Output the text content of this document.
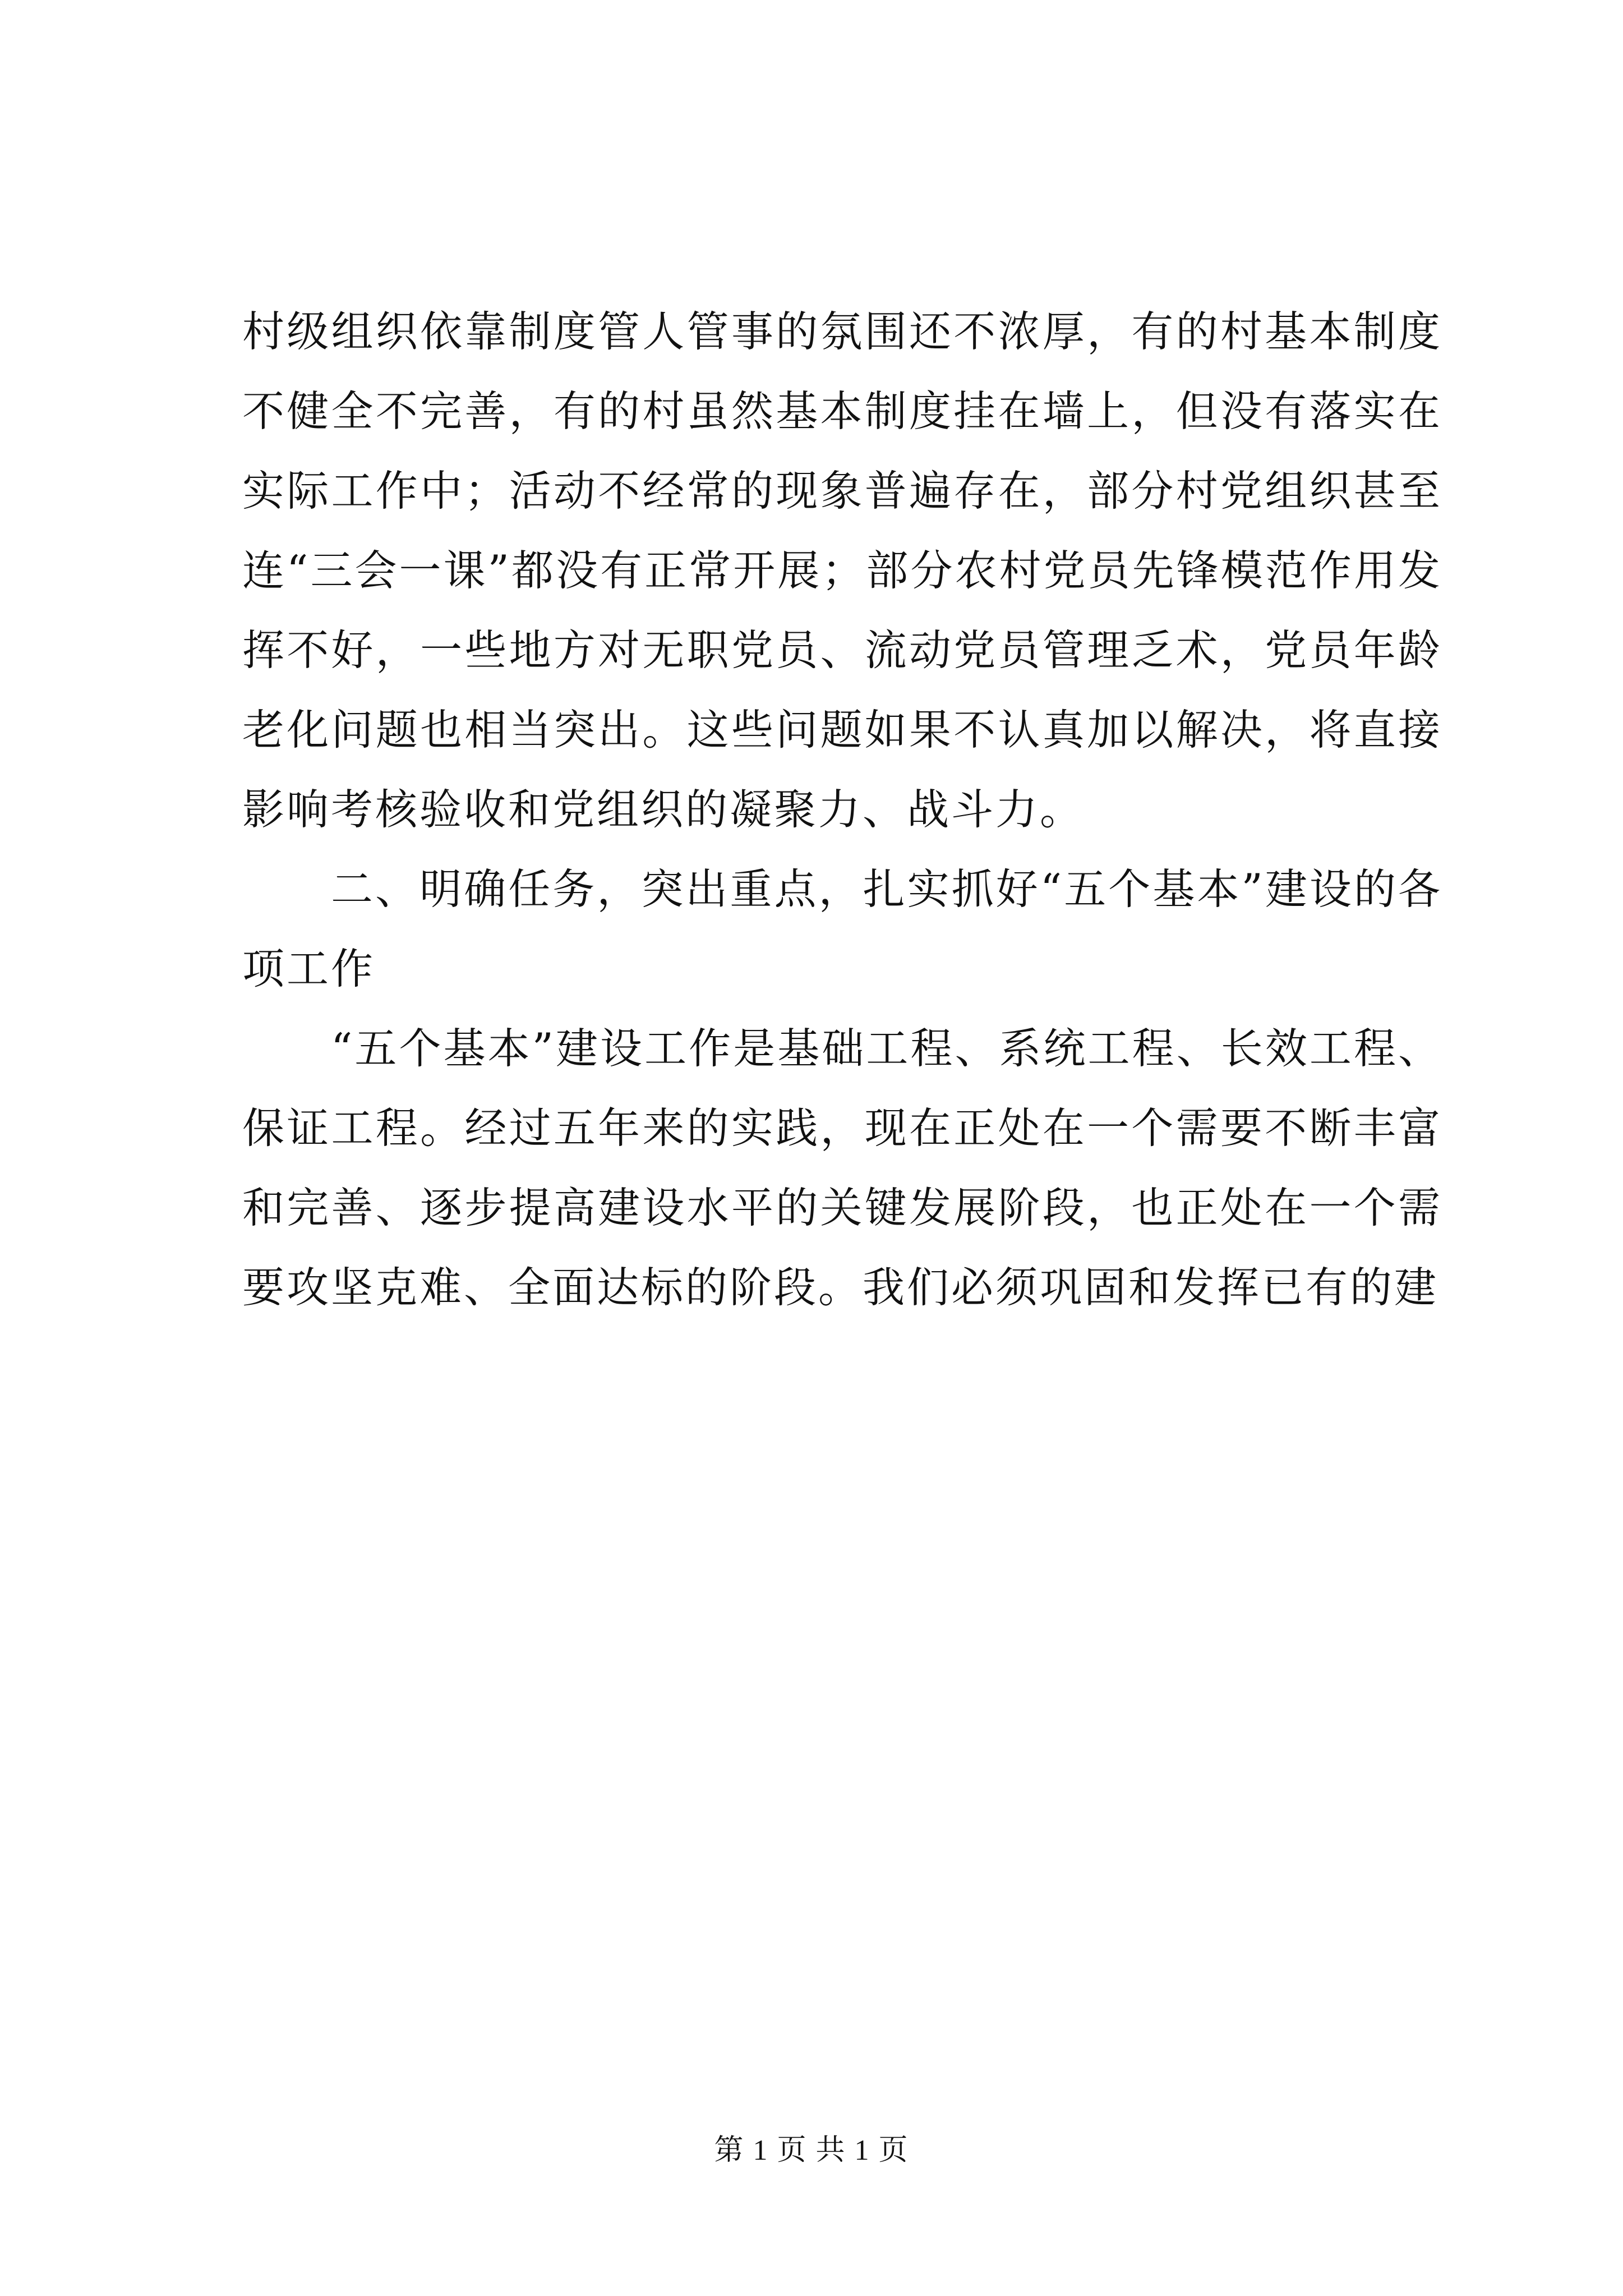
村级组织依靠制度管人管事的氛围还不浓厚，有的村基本制度不健全不完善，有的村虽然基本制度挂在墙上，但没有落实在实际工作中；活动不经常的现象普遍存在，部分村党组织甚至连“三会一课”都没有正常开展；部分农村党员先锋模范作用发挥不好，一些地方对无职党员、流动党员管理乏术，党员年龄老化问题也相当突出。这些问题如果不认真加以解决，将直接影响考核验收和党组织的凝聚力、战斗力。

二、明确任务，突出重点，扎实抓好“五个基本”建设的各项工作

“五个基本”建设工作是基础工程、系统工程、长效工程、保证工程。经过五年来的实践，现在正处在一个需要不断丰富和完善、逐步提高建设水平的关键发展阶段，也正处在一个需要攻坚克难、全面达标的阶段。我们必须巩固和发挥已有的建

第 1 页 共 1 页
